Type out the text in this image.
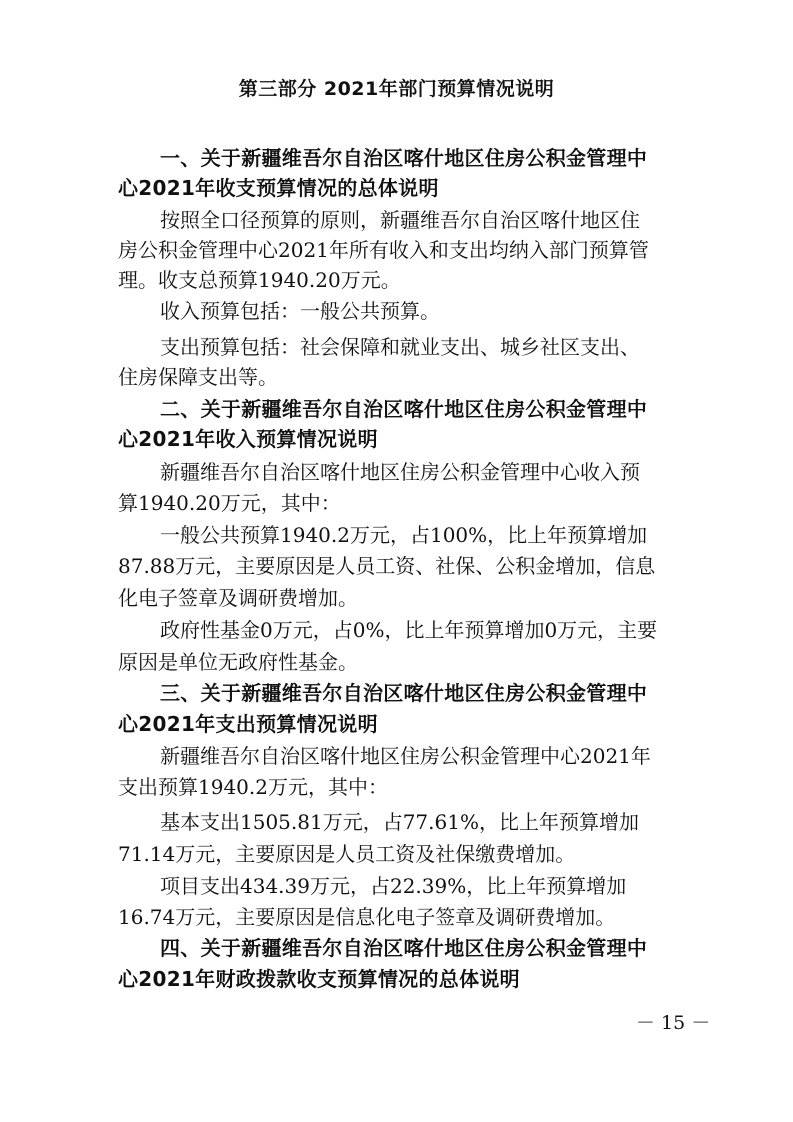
第三部分 2021年部门预算情况说明
一、关于新疆维吾尔自治区喀什地区住房公积金管理中
心2021年收支预算情况的总体说明
按照全口径预算的原则，新疆维吾尔自治区喀什地区住
房公积金管理中心2021年所有收入和支出均纳入部门预算管
理。收支总预算1940.20万元。
收入预算包括：一般公共预算。
支出预算包括：社会保障和就业支出、城乡社区支出、
住房保障支出等。
二、关于新疆维吾尔自治区喀什地区住房公积金管理中
心2021年收入预算情况说明
新疆维吾尔自治区喀什地区住房公积金管理中心收入预
算1940.20万元，其中：
一般公共预算1940.2万元，占100%，比上年预算增加
87.88万元，主要原因是人员工资、社保、公积金增加，信息
化电子签章及调研费增加。
政府性基金0万元，占0%，比上年预算增加0万元，主要
原因是单位无政府性基金。
三、关于新疆维吾尔自治区喀什地区住房公积金管理中
心2021年支出预算情况说明
新疆维吾尔自治区喀什地区住房公积金管理中心2021年
支出预算1940.2万元，其中：
基本支出1505.81万元，占77.61%，比上年预算增加
71.14万元，主要原因是人员工资及社保缴费增加。
项目支出434.39万元，占22.39%，比上年预算增加
16.74万元，主要原因是信息化电子签章及调研费增加。
四、关于新疆维吾尔自治区喀什地区住房公积金管理中
心2021年财政拨款收支预算情况的总体说明
－ 15 －
